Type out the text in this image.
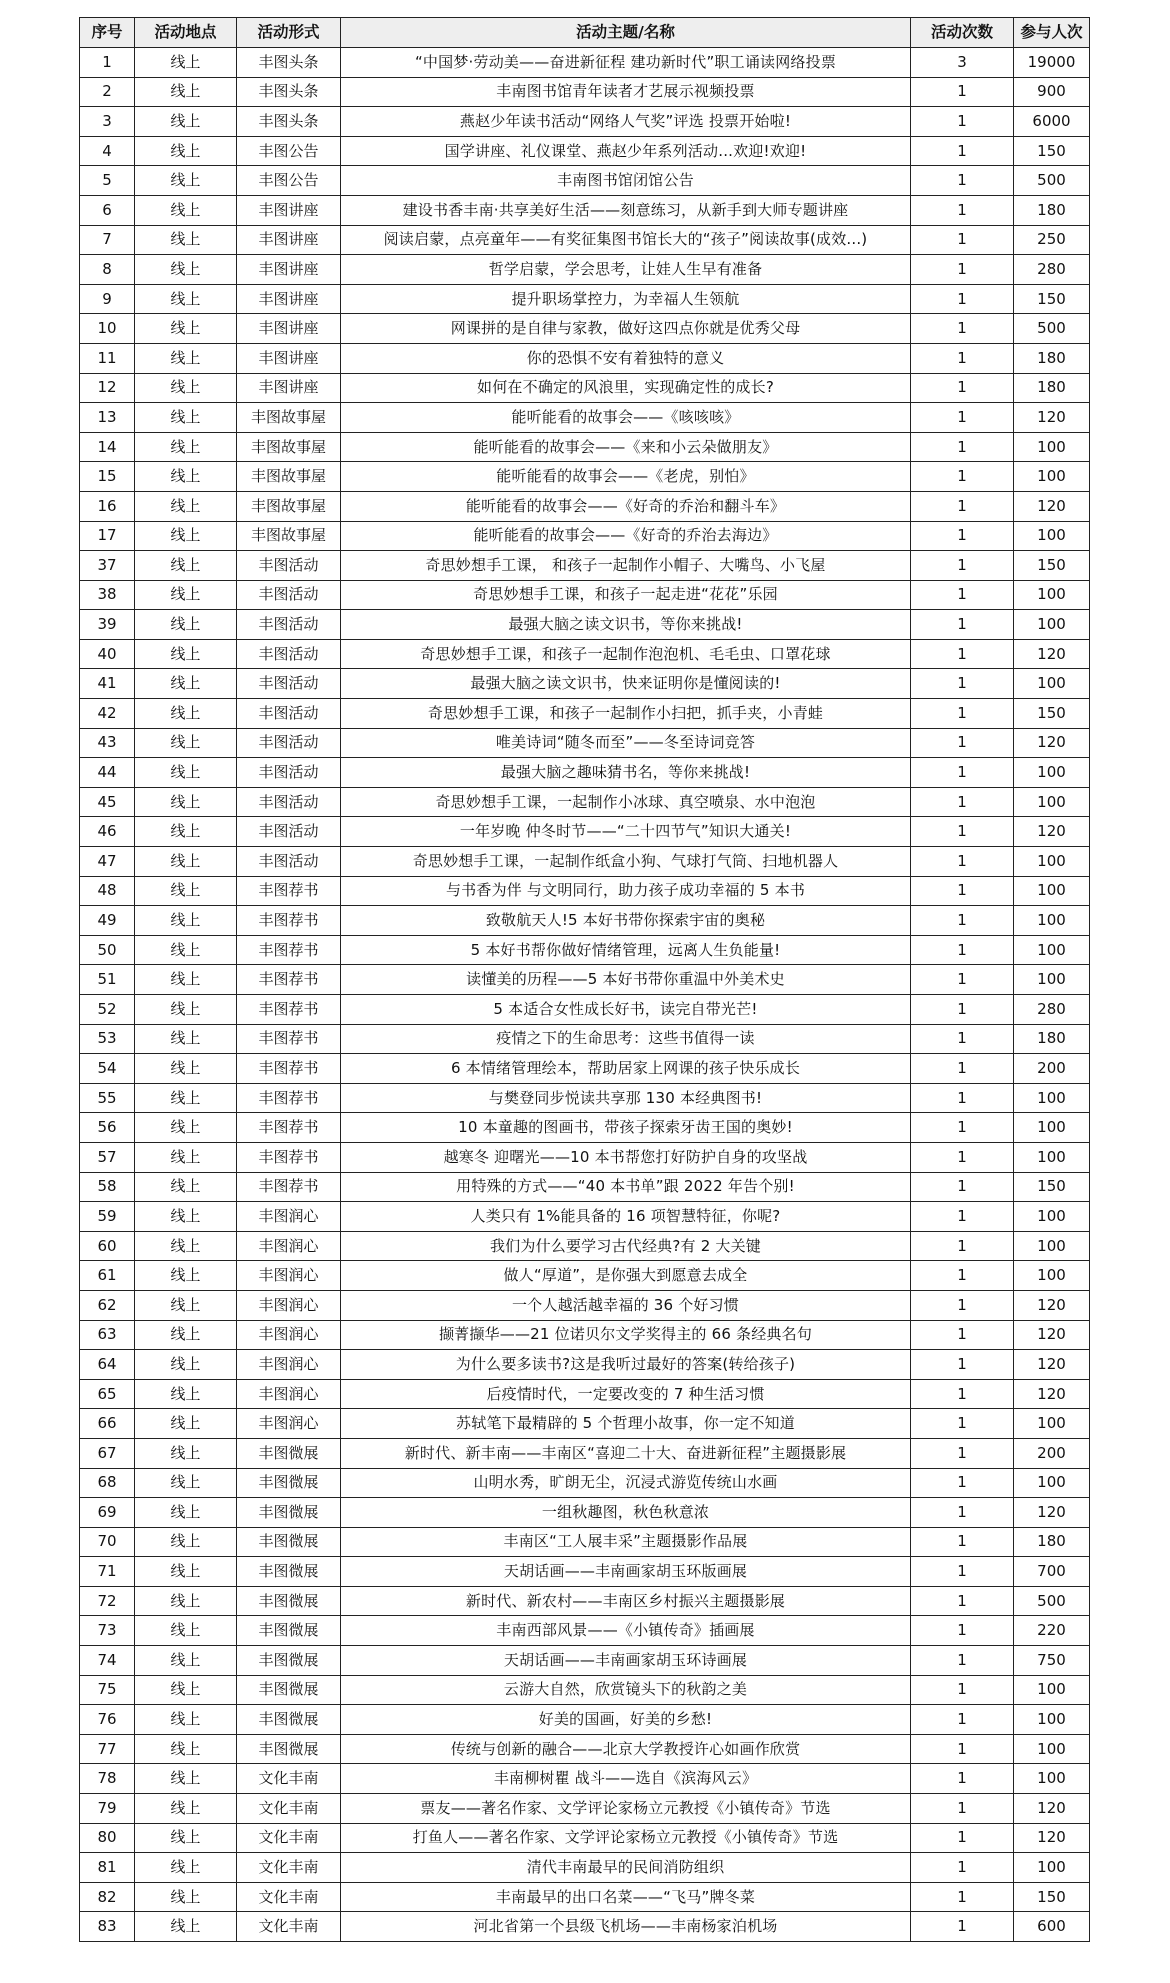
序号	活动地点	活动形式	活动主题/名称	活动次数	参与人次
1	线上	丰图头条	“中国梦·劳动美——奋进新征程 建功新时代”职工诵读网络投票	3	19000
2	线上	丰图头条	丰南图书馆青年读者才艺展示视频投票	1	900
3	线上	丰图头条	燕赵少年读书活动“网络人气奖”评选 投票开始啦!	1	6000
4	线上	丰图公告	国学讲座、礼仪课堂、燕赵少年系列活动...欢迎!欢迎!	1	150
5	线上	丰图公告	丰南图书馆闭馆公告	1	500
6	线上	丰图讲座	建设书香丰南·共享美好生活——刻意练习，从新手到大师专题讲座	1	180
7	线上	丰图讲座	阅读启蒙，点亮童年——有奖征集图书馆长大的“孩子”阅读故事(成效...)	1	250
8	线上	丰图讲座	哲学启蒙，学会思考，让娃人生早有准备	1	280
9	线上	丰图讲座	提升职场掌控力，为幸福人生领航	1	150
10	线上	丰图讲座	网课拼的是自律与家教，做好这四点你就是优秀父母	1	500
11	线上	丰图讲座	你的恐惧不安有着独特的意义	1	180
12	线上	丰图讲座	如何在不确定的风浪里，实现确定性的成长?	1	180
13	线上	丰图故事屋	能听能看的故事会——《咳咳咳》	1	120
14	线上	丰图故事屋	能听能看的故事会——《来和小云朵做朋友》	1	100
15	线上	丰图故事屋	能听能看的故事会——《老虎，别怕》	1	100
16	线上	丰图故事屋	能听能看的故事会——《好奇的乔治和翻斗车》	1	120
17	线上	丰图故事屋	能听能看的故事会——《好奇的乔治去海边》	1	100
37	线上	丰图活动	奇思妙想手工课， 和孩子一起制作小帽子、大嘴鸟、小飞屋	1	150
38	线上	丰图活动	奇思妙想手工课，和孩子一起走进“花花”乐园	1	100
39	线上	丰图活动	最强大脑之读文识书，等你来挑战!	1	100
40	线上	丰图活动	奇思妙想手工课，和孩子一起制作泡泡机、毛毛虫、口罩花球	1	120
41	线上	丰图活动	最强大脑之读文识书，快来证明你是懂阅读的!	1	100
42	线上	丰图活动	奇思妙想手工课，和孩子一起制作小扫把，抓手夹，小青蛙	1	150
43	线上	丰图活动	唯美诗词“随冬而至”——冬至诗词竞答	1	120
44	线上	丰图活动	最强大脑之趣味猜书名，等你来挑战!	1	100
45	线上	丰图活动	奇思妙想手工课，一起制作小冰球、真空喷泉、水中泡泡	1	100
46	线上	丰图活动	一年岁晚 仲冬时节——“二十四节气”知识大通关!	1	120
47	线上	丰图活动	奇思妙想手工课，一起制作纸盒小狗、气球打气筒、扫地机器人	1	100
48	线上	丰图荐书	与书香为伴 与文明同行，助力孩子成功幸福的 5 本书	1	100
49	线上	丰图荐书	致敬航天人!5 本好书带你探索宇宙的奥秘	1	100
50	线上	丰图荐书	5 本好书帮你做好情绪管理，远离人生负能量!	1	100
51	线上	丰图荐书	读懂美的历程——5 本好书带你重温中外美术史	1	100
52	线上	丰图荐书	5 本适合女性成长好书，读完自带光芒!	1	280
53	线上	丰图荐书	疫情之下的生命思考：这些书值得一读	1	180
54	线上	丰图荐书	6 本情绪管理绘本，帮助居家上网课的孩子快乐成长	1	200
55	线上	丰图荐书	与樊登同步悦读共享那 130 本经典图书!	1	100
56	线上	丰图荐书	10 本童趣的图画书，带孩子探索牙齿王国的奥妙!	1	100
57	线上	丰图荐书	越寒冬 迎曙光——10 本书帮您打好防护自身的攻坚战	1	100
58	线上	丰图荐书	用特殊的方式——“40 本书单”跟 2022 年告个别!	1	150
59	线上	丰图润心	人类只有 1%能具备的 16 项智慧特征，你呢?	1	100
60	线上	丰图润心	我们为什么要学习古代经典?有 2 大关键	1	100
61	线上	丰图润心	做人“厚道”，是你强大到愿意去成全	1	100
62	线上	丰图润心	一个人越活越幸福的 36 个好习惯	1	120
63	线上	丰图润心	撷菁撷华——21 位诺贝尔文学奖得主的 66 条经典名句	1	120
64	线上	丰图润心	为什么要多读书?这是我听过最好的答案(转给孩子)	1	120
65	线上	丰图润心	后疫情时代，一定要改变的 7 种生活习惯	1	120
66	线上	丰图润心	苏轼笔下最精辟的 5 个哲理小故事，你一定不知道	1	100
67	线上	丰图微展	新时代、新丰南——丰南区“喜迎二十大、奋进新征程”主题摄影展	1	200
68	线上	丰图微展	山明水秀，旷朗无尘，沉浸式游览传统山水画	1	100
69	线上	丰图微展	一组秋趣图，秋色秋意浓	1	120
70	线上	丰图微展	丰南区“工人展丰采”主题摄影作品展	1	180
71	线上	丰图微展	天胡话画——丰南画家胡玉环版画展	1	700
72	线上	丰图微展	新时代、新农村——丰南区乡村振兴主题摄影展	1	500
73	线上	丰图微展	丰南西部风景——《小镇传奇》插画展	1	220
74	线上	丰图微展	天胡话画——丰南画家胡玉环诗画展	1	750
75	线上	丰图微展	云游大自然，欣赏镜头下的秋韵之美	1	100
76	线上	丰图微展	好美的国画，好美的乡愁!	1	100
77	线上	丰图微展	传统与创新的融合——北京大学教授许心如画作欣赏	1	100
78	线上	文化丰南	丰南柳树瞿 战斗——选自《滨海风云》	1	100
79	线上	文化丰南	票友——著名作家、文学评论家杨立元教授《小镇传奇》节选	1	120
80	线上	文化丰南	打鱼人——著名作家、文学评论家杨立元教授《小镇传奇》节选	1	120
81	线上	文化丰南	清代丰南最早的民间消防组织	1	100
82	线上	文化丰南	丰南最早的出口名菜——“飞马”牌冬菜	1	150
83	线上	文化丰南	河北省第一个县级飞机场——丰南杨家泊机场	1	600
